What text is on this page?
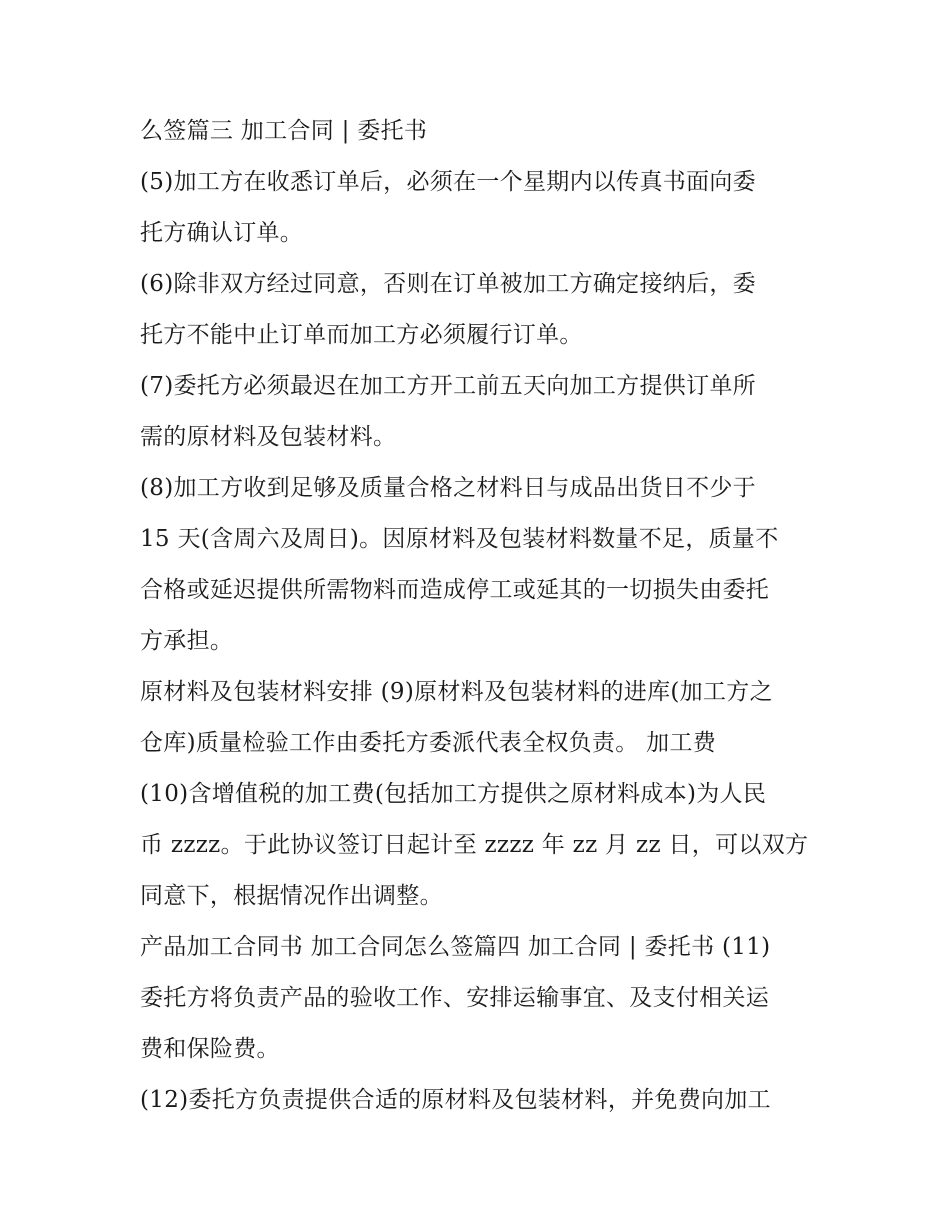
么签篇三 加工合同 | 委托书
(5)加工方在收悉订单后，必须在一个星期内以传真书面向委
托方确认订单。
(6)除非双方经过同意，否则在订单被加工方确定接纳后，委
托方不能中止订单而加工方必须履行订单。
(7)委托方必须最迟在加工方开工前五天向加工方提供订单所
需的原材料及包装材料。
(8)加工方收到足够及质量合格之材料日与成品出货日不少于
15 天(含周六及周日)。因原材料及包装材料数量不足，质量不
合格或延迟提供所需物料而造成停工或延其的一切损失由委托
方承担。
原材料及包装材料安排 (9)原材料及包装材料的进库(加工方之
仓库)质量检验工作由委托方委派代表全权负责。 加工费
(10)含增值税的加工费(包括加工方提供之原材料成本)为人民
币 zzzz。于此协议签订日起计至 zzzz 年 zz 月 zz 日，可以双方
同意下，根据情况作出调整。
产品加工合同书 加工合同怎么签篇四 加工合同 | 委托书 (11)
委托方将负责产品的验收工作、安排运输事宜、及支付相关运
费和保险费。
(12)委托方负责提供合适的原材料及包装材料，并免费向加工
